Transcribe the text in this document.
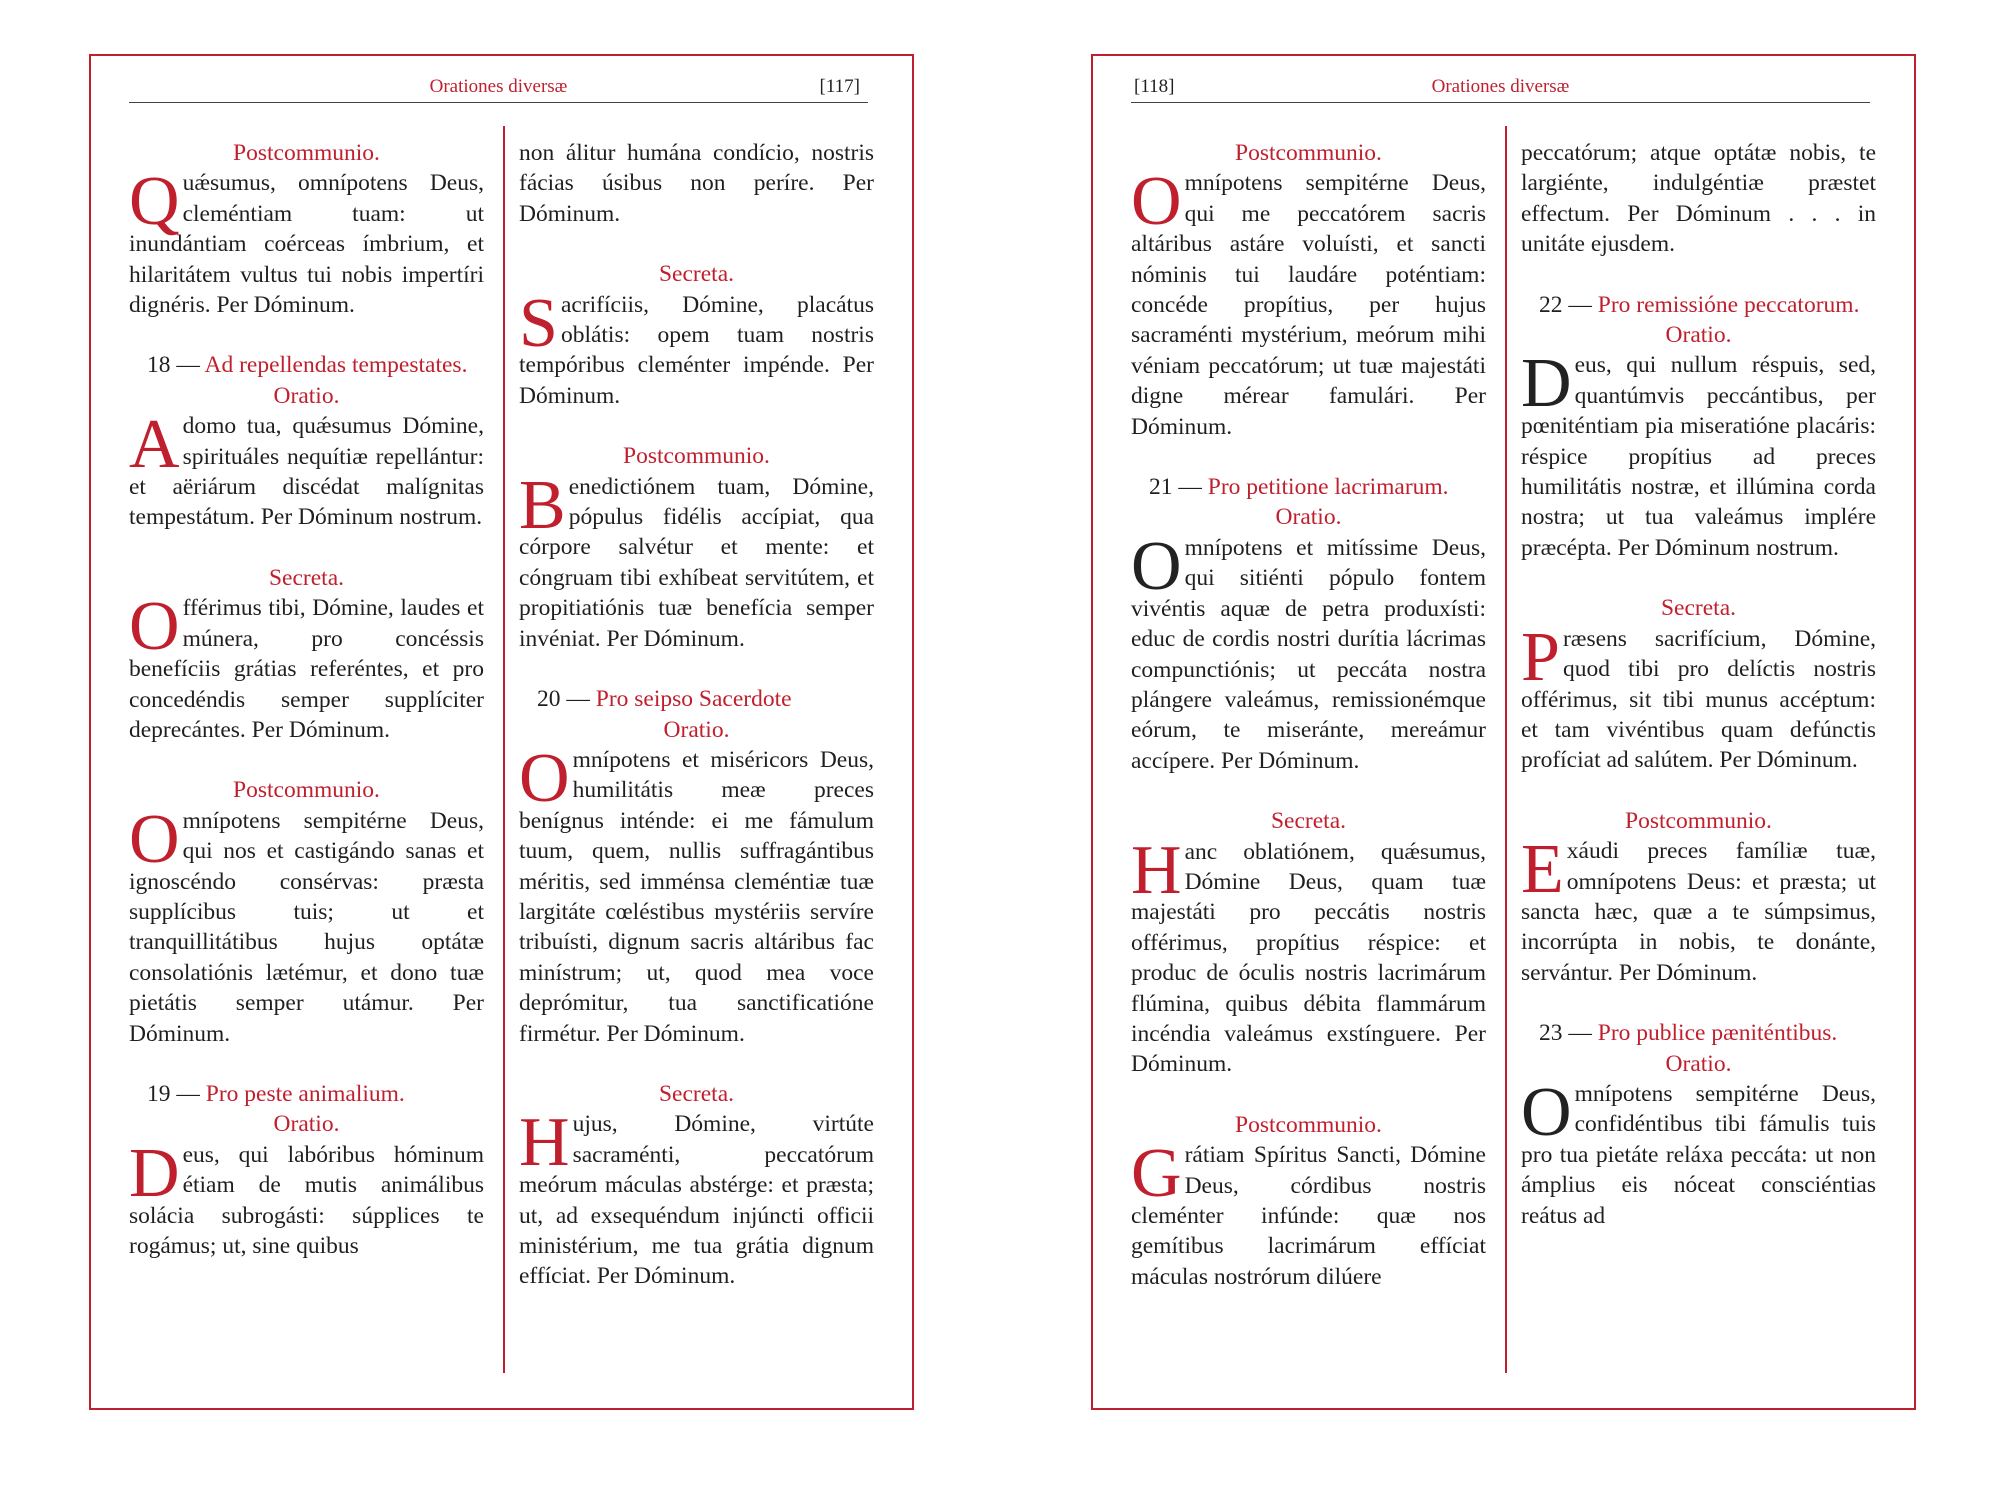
Orationes diversæ	[117]

Postcommunio.

Quǽsumus, omnípotens Deus, cleméntiam tuam: ut inundántiam coérceas ímbrium, et hilaritátem vultus tui nobis impertíri dignéris. Per Dóminum.

18 — Ad repellendas tempestates.

Oratio.

Adomo tua, quǽsumus Dómine, spirituáles nequítiæ repellántur: et aëriárum discédat malígnitas tempestátum. Per Dóminum nostrum.

Secreta.

Offérimus tibi, Dómine, laudes et múnera, pro concéssis benefíciis grátias referéntes, et pro concedéndis semper supplíciter deprecántes. Per Dóminum.

Postcommunio.

Omnípotens sempitérne Deus, qui nos et castigándo sanas et ignoscéndo consérvas: præsta supplícibus tuis; ut et tranquillitátibus hujus optátæ consolatiónis lætémur, et dono tuæ pietátis semper utámur. Per Dóminum.

19 — Pro peste animalium.

Oratio.

Deus, qui labóribus hóminum étiam de mutis animálibus solácia subrogásti: súpplices te rogámus; ut, sine quibus

non álitur humána condício, nostris fácias úsibus non períre. Per Dóminum.

Secreta.

Sacrifíciis, Dómine, placátus oblátis: opem tuam nostris tempóribus cleménter impénde. Per Dóminum.

Postcommunio.

Benedictiónem tuam, Dómine, pópulus fidélis accípiat, qua córpore salvétur et mente: et cóngruam tibi exhíbeat servitútem, et propitiatiónis tuæ benefícia semper invéniat. Per Dóminum.

20 — Pro seipso Sacerdote

Oratio.

Omnípotens et miséricors Deus, humilitátis meæ preces benígnus inténde: ei me fámulum tuum, quem, nullis suffragántibus méritis, sed imménsa cleméntiæ tuæ largitáte cœléstibus mystériis servíre tribuísti, dignum sacris altáribus fac minístrum; ut, quod mea voce deprómitur, tua sanctificatióne firmétur. Per Dóminum.

Secreta.

Hujus, Dómine, virtúte sacraménti, peccatórum meórum máculas abstérge: et præsta; ut, ad exsequéndum injúncti officii ministérium, me tua grátia dignum effíciat. Per Dóminum.

[118]	Orationes diversæ

Postcommunio.

Omnípotens sempitérne Deus, qui me peccatórem sacris altáribus astáre voluísti, et sancti nóminis tui laudáre poténtiam: concéde propítius, per hujus sacraménti mystérium, meórum mihi véniam peccatórum; ut tuæ majestáti digne mérear famulári. Per Dóminum.

21 — Pro petitione lacrimarum.

Oratio.

Omnípotens et mitíssime Deus, qui sitiénti pópulo fontem vivéntis aquæ de petra produxísti: educ de cordis nostri durítia lácrimas compunctiónis; ut peccáta nostra plángere valeámus, remissionémque eórum, te miseránte, mereámur accípere. Per Dóminum.

Secreta.

Hanc oblatiónem, quǽsumus, Dómine Deus, quam tuæ majestáti pro peccátis nostris offérimus, propítius réspice: et produc de óculis nostris lacrimárum flúmina, quibus débita flammárum incéndia valeámus exstínguere. Per Dóminum.

Postcommunio.

Grátiam Spíritus Sancti, Dómine Deus, córdibus nostris cleménter infúnde: quæ nos gemítibus lacrimárum effíciat máculas nostrórum dilúere

peccatórum; atque optátæ nobis, te largiénte, indulgéntiæ præstet effectum. Per Dóminum . . . in unitáte ejusdem.

22 — Pro remissióne peccatorum.

Oratio.

Deus, qui nullum réspuis, sed, quantúmvis peccántibus, per pœniténtiam pia miseratióne placáris: réspice propítius ad preces humilitátis nostræ, et illúmina corda nostra; ut tua valeámus implére præcépta. Per Dóminum nostrum.

Secreta.

Præsens sacrifícium, Dómine, quod tibi pro delíctis nostris offérimus, sit tibi munus accéptum: et tam vivéntibus quam defúnctis profíciat ad salútem. Per Dóminum.

Postcommunio.

Exáudi preces famíliæ tuæ, omnípotens Deus: et præsta; ut sancta hæc, quæ a te súmpsimus, incorrúpta in nobis, te donánte, servántur. Per Dóminum.

23 — Pro publice pæniténtibus.

Oratio.

Omnípotens sempitérne Deus, confidéntibus tibi fámulis tuis pro tua pietáte reláxa peccáta: ut non ámplius eis nóceat consciéntias reátus ad
